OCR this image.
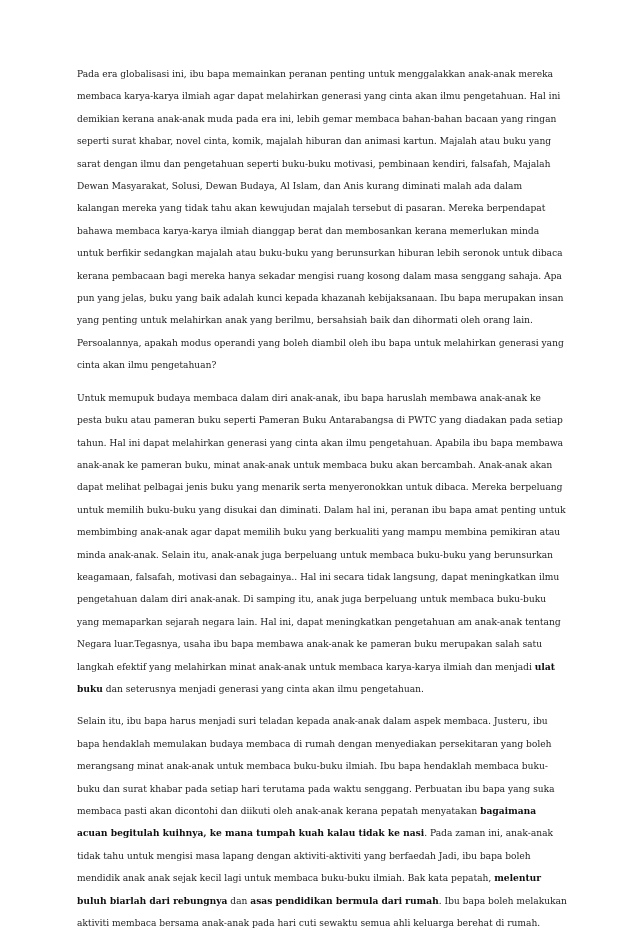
Pada era globalisasi ini, ibu bapa memainkan peranan penting untuk menggalakkan anak-anak mereka membaca karya-karya ilmiah agar dapat melahirkan generasi yang cinta akan ilmu pengetahuan. Hal ini demikian kerana anak-anak muda pada era ini, lebih gemar membaca bahan-bahan bacaan yang ringan seperti surat khabar, novel cinta, komik, majalah hiburan dan animasi kartun. Majalah atau buku yang sarat dengan ilmu dan pengetahuan seperti buku-buku motivasi, pembinaan kendiri, falsafah, Majalah Dewan Masyarakat, Solusi, Dewan Budaya, Al Islam, dan Anis kurang diminati malah ada dalam kalangan mereka yang tidak tahu akan kewujudan majalah tersebut di pasaran. Mereka berpendapat bahawa membaca karya-karya ilmiah dianggap berat dan membosankan kerana memerlukan minda untuk berfikir sedangkan majalah atau buku-buku yang berunsurkan hiburan lebih seronok untuk dibaca kerana pembacaan bagi mereka hanya sekadar mengisi ruang kosong dalam masa senggang sahaja. Apa pun yang jelas, buku yang baik adalah kunci kepada khazanah kebijaksanaan. Ibu bapa merupakan insan yang penting untuk melahirkan anak yang berilmu, bersahsiah baik dan dihormati oleh orang lain. Persoalannya, apakah modus operandi yang boleh diambil oleh ibu bapa untuk melahirkan generasi yang cinta akan ilmu pengetahuan?

Untuk memupuk budaya membaca dalam diri anak-anak, ibu bapa haruslah membawa anak-anak ke pesta buku atau pameran buku seperti Pameran Buku Antarabangsa di PWTC yang diadakan pada setiap tahun. Hal ini dapat melahirkan generasi yang cinta akan ilmu pengetahuan. Apabila ibu bapa membawa anak-anak ke pameran buku, minat anak-anak untuk membaca buku akan bercambah. Anak-anak akan dapat melihat pelbagai jenis buku yang menarik serta menyeronokkan untuk dibaca. Mereka berpeluang untuk memilih buku-buku yang disukai dan diminati. Dalam hal ini, peranan ibu bapa amat penting untuk membimbing anak-anak agar dapat memilih buku yang berkualiti yang mampu membina pemikiran atau minda anak-anak. Selain itu, anak-anak juga berpeluang untuk membaca buku-buku yang berunsurkan keagamaan, falsafah, motivasi dan sebagainya.. Hal ini secara tidak langsung, dapat meningkatkan ilmu pengetahuan dalam diri anak-anak. Di samping itu, anak juga berpeluang untuk membaca buku-buku yang memaparkan sejarah negara lain. Hal ini, dapat meningkatkan pengetahuan am anak-anak tentang Negara luar.Tegasnya, usaha ibu bapa membawa anak-anak ke pameran buku merupakan salah satu langkah efektif yang melahirkan minat anak-anak untuk membaca karya-karya ilmiah dan menjadi ulat buku dan seterusnya menjadi generasi yang cinta akan ilmu pengetahuan.

Selain itu, ibu bapa harus menjadi suri teladan kepada anak-anak dalam aspek membaca. Justeru, ibu bapa hendaklah memulakan budaya membaca di rumah dengan menyediakan persekitaran yang boleh merangsang minat anak-anak untuk membaca buku-buku ilmiah. Ibu bapa hendaklah membaca buku-buku dan surat khabar pada setiap hari terutama pada waktu senggang. Perbuatan ibu bapa yang suka membaca pasti akan dicontohi dan diikuti oleh anak-anak kerana pepatah menyatakan bagaimana acuan begitulah kuihnya, ke mana tumpah kuah kalau tidak ke nasi. Pada zaman ini, anak-anak tidak tahu untuk mengisi masa lapang dengan aktiviti-aktiviti yang berfaedah Jadi, ibu bapa boleh mendidik anak anak sejak kecil lagi untuk membaca buku-buku ilmiah. Bak kata pepatah, melentur buluh biarlah dari rebungnya dan asas pendidikan bermula dari rumah. Ibu bapa boleh melakukan aktiviti membaca bersama anak-anak pada hari cuti sewaktu semua ahli keluarga berehat di rumah.
